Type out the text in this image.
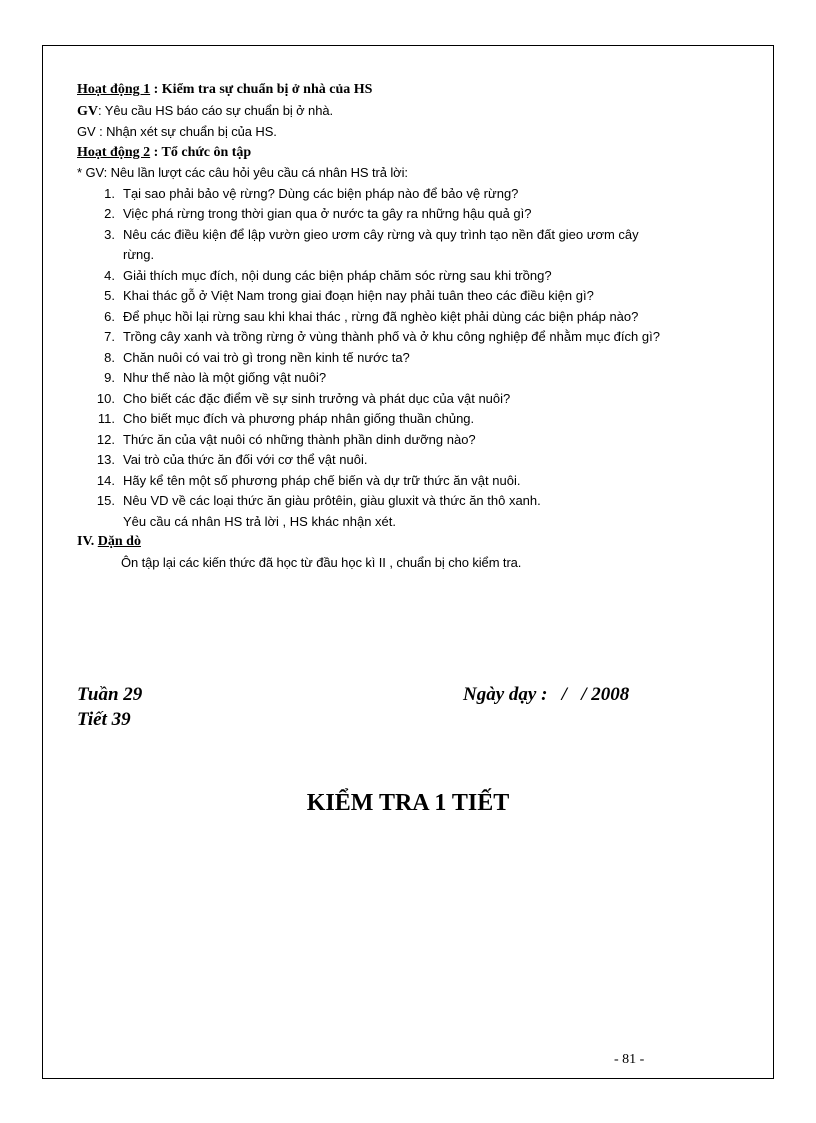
Hoạt động 1 : Kiểm tra sự chuẩn bị ở nhà của HS
GV: Yêu cầu HS báo cáo sự chuẩn bị ở nhà.
GV : Nhận xét sự chuẩn bị của HS.
Hoạt động 2 : Tổ chức ôn tập
* GV: Nêu lần lượt các câu hỏi yêu cầu cá nhân HS trả lời:
1. Tại sao phải bảo vệ rừng? Dùng các biện pháp nào để bảo vệ rừng?
2. Việc phá rừng trong thời gian qua ở nước ta gây ra những hậu quả gì?
3. Nêu các điều kiện để lập vườn gieo ươm cây rừng và quy trình tạo nền đất gieo ươm cây
rừng.
4. Giải thích mục đích, nội dung các biện pháp chăm sóc rừng sau khi trồng?
5. Khai thác gỗ ở Việt Nam trong giai đoạn hiện nay phải tuân theo các điều kiện gì?
6. Để phục hồi lại rừng sau khi khai thác , rừng đã nghèo kiệt phải dùng các biện pháp nào?
7. Trồng cây xanh và trồng rừng ở vùng thành phố và ở khu công nghiệp để nhằm mục đích gì?
8. Chăn nuôi có vai trò gì trong nền kinh tế nước ta?
9. Như thế nào là một giống vật nuôi?
10. Cho biết các đặc điểm về sự sinh trưởng và phát dục của vật nuôi?
11. Cho biết mục đích và phương pháp nhân giống thuần chủng.
12. Thức ăn của vật nuôi có những thành phần dinh dưỡng nào?
13. Vai trò của thức ăn đối với cơ thể vật nuôi.
14. Hãy kể tên một số phương pháp chế biến và dự trữ thức ăn vật nuôi.
15. Nêu VD về các loại thức ăn giàu prôtêin, giàu gluxit và thức ăn thô xanh.
Yêu cầu cá nhân HS trả lời , HS khác nhận xét.
IV. Dặn dò
Ôn tập lại các kiến thức đã học từ đầu học kì II , chuẩn bị cho kiểm tra.
Tuần 29
Tiết 39
Ngày dạy :   /   / 2008
KIỂM TRA 1 TIẾT
- 81 -
